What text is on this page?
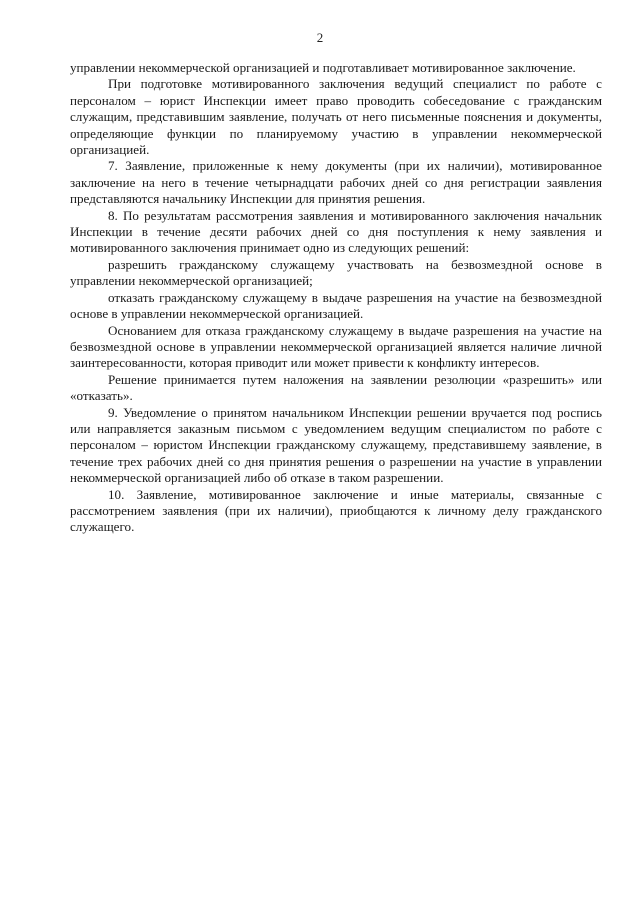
2

управлении некоммерческой организацией и подготавливает мотивированное заключение.

При подготовке мотивированного заключения ведущий специалист по работе с персоналом – юрист Инспекции имеет право проводить собеседование с гражданским служащим, представившим заявление, получать от него письменные пояснения и документы, определяющие функции по планируемому участию в управлении некоммерческой организацией.

7. Заявление, приложенные к нему документы (при их наличии), мотивированное заключение на него в течение четырнадцати рабочих дней со дня регистрации заявления представляются начальнику Инспекции для принятия решения.

8. По результатам рассмотрения заявления и мотивированного заключения начальник Инспекции в течение десяти рабочих дней со дня поступления к нему заявления и мотивированного заключения принимает одно из следующих решений:

разрешить гражданскому служащему участвовать на безвозмездной основе в управлении некоммерческой организацией;

отказать гражданскому служащему в выдаче разрешения на участие на безвозмездной основе в управлении некоммерческой организацией.

Основанием для отказа гражданскому служащему в выдаче разрешения на участие на безвозмездной основе в управлении некоммерческой организацией является наличие личной заинтересованности, которая приводит или может привести к конфликту интересов.

Решение принимается путем наложения на заявлении резолюции «разрешить» или «отказать».

9. Уведомление о принятом начальником Инспекции решении вручается под роспись или направляется заказным письмом с уведомлением ведущим специалистом по работе с персоналом – юристом Инспекции гражданскому служащему, представившему заявление, в течение трех рабочих дней со дня принятия решения о разрешении на участие в управлении некоммерческой организацией либо об отказе в таком разрешении.

10. Заявление, мотивированное заключение и иные материалы, связанные с рассмотрением заявления (при их наличии), приобщаются к личному делу гражданского служащего.
